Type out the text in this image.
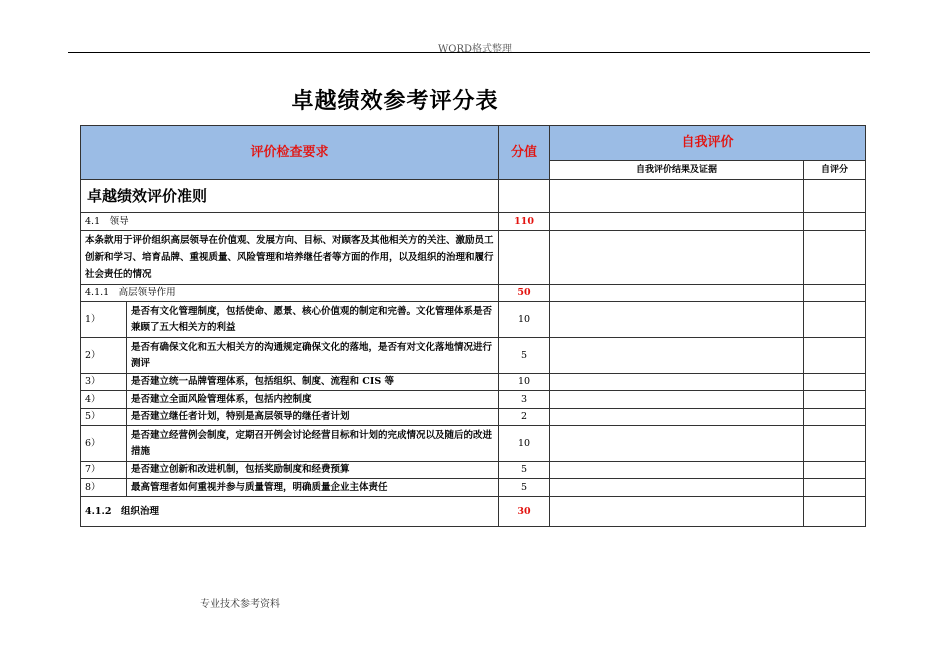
WORD格式整理
卓越绩效参考评分表
评价检查要求		分值	自我评价	
			自我评价结果及证据	自评分
卓越绩效评价准则				
4.1　领导		110		
本条款用于评价组织高层领导在价值观、发展方向、目标、对顾客及其他相关方的关注、激励员工创新和学习、培育品牌、重视质量、风险管理和培养继任者等方面的作用，以及组织的治理和履行社会责任的情况				
4.1.1　高层领导作用		50		
1）	是否有文化管理制度，包括使命、愿景、核心价值观的制定和完善。文化管理体系是否兼顾了五大相关方的利益	10		
2）	是否有确保文化和五大相关方的沟通规定确保文化的落地，是否有对文化落地情况进行测评	5		
3）	是否建立统一品牌管理体系，包括组织、制度、流程和 CIS 等	10		
4）	是否建立全面风险管理体系，包括内控制度	3		
5）	是否建立继任者计划，特别是高层领导的继任者计划	2		
6）	是否建立经营例会制度，定期召开例会讨论经营目标和计划的完成情况以及随后的改进措施	10		
7）	是否建立创新和改进机制，包括奖励制度和经费预算	5		
8）	最高管理者如何重视并参与质量管理，明确质量企业主体责任	5		
4.1.2　组织治理		30		
专业技术参考资料
